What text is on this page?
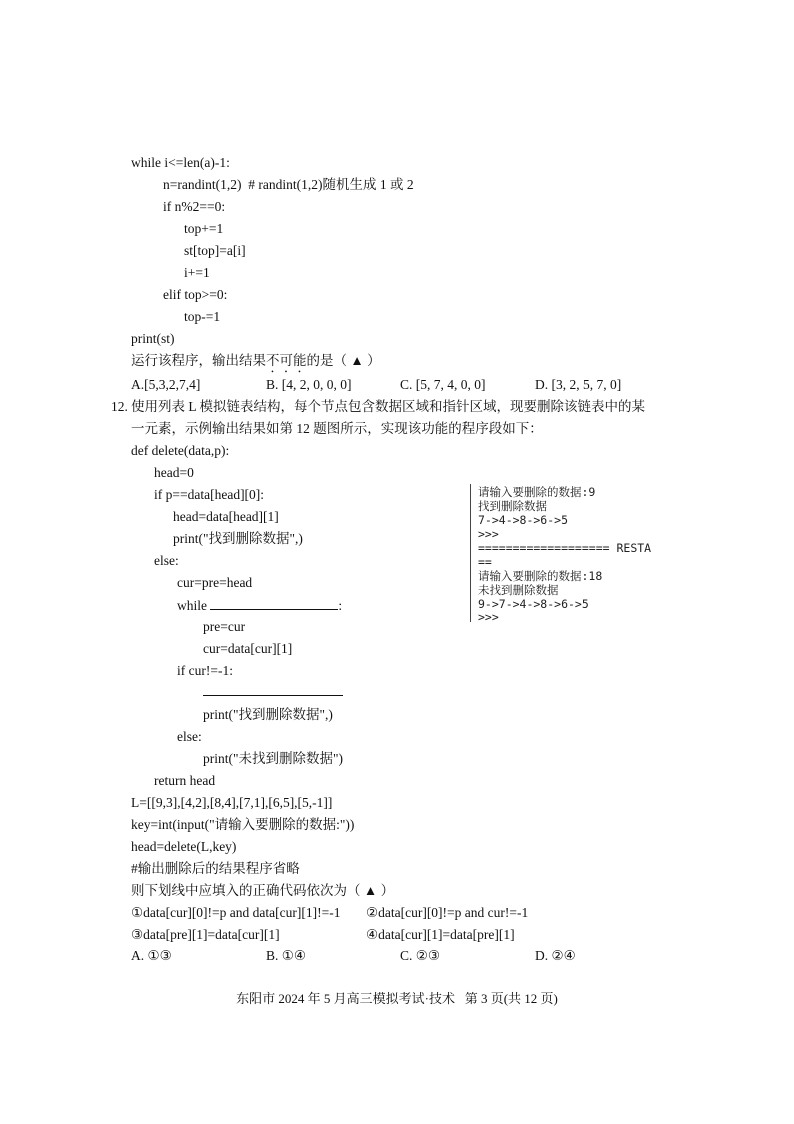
while i<=len(a)-1:
n=randint(1,2)  # randint(1,2)随机生成 1 或 2
if n%2==0:
top+=1
st[top]=a[i]
i+=1
elif top>=0:
top-=1
print(st)
运行该程序，输出结果不可能的是（ ▲ ）
A.[5,3,2,7,4]	B. [4, 2, 0, 0, 0]	C. [5, 7, 4, 0, 0]	D. [3, 2, 5, 7, 0]
12. 使用列表 L 模拟链表结构，每个节点包含数据区域和指针区域，现要删除该链表中的某
一元素，示例输出结果如第 12 题图所示，实现该功能的程序段如下：
def delete(data,p):
head=0
if p==data[head][0]:
head=data[head][1]
print("找到删除数据",)
else:
cur=pre=head
while	:
pre=cur
cur=data[cur][1]
if cur!=-1:
print("找到删除数据",)
else:
print("未找到删除数据")
return head
L=[[9,3],[4,2],[8,4],[7,1],[6,5],[5,-1]]
key=int(input("请输入要删除的数据:"))
head=delete(L,key)
#输出删除后的结果程序省略
请输入要删除的数据:9
找到删除数据
7->4->8->6->5
>>>
=================== RESTA
==
请输入要删除的数据:18
未找到删除数据
9->7->4->8->6->5
>>>
则下划线中应填入的正确代码依次为（ ▲ ）
①data[cur][0]!=p and data[cur][1]!=-1 ②data[cur][0]!=p and cur!=-1
③data[pre][1]=data[cur][1]	④data[cur][1]=data[pre][1]
A. ①③	B. ①④	C. ②③	D. ②④
东阳市 2024 年 5 月高三模拟考试·技术   第 3 页(共 12 页)
